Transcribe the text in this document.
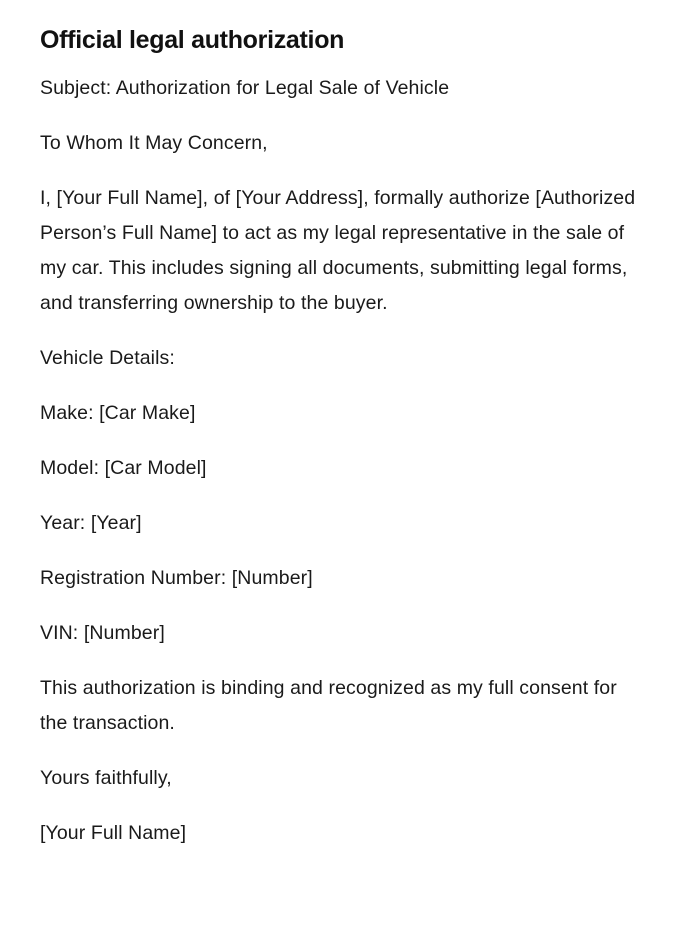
Official legal authorization

Subject: Authorization for Legal Sale of Vehicle

To Whom It May Concern,

I, [Your Full Name], of [Your Address], formally authorize [Authorized Person’s Full Name] to act as my legal representative in the sale of my car. This includes signing all documents, submitting legal forms, and transferring ownership to the buyer.

Vehicle Details:

Make: [Car Make]

Model: [Car Model]

Year: [Year]

Registration Number: [Number]

VIN: [Number]

This authorization is binding and recognized as my full consent for the transaction.

Yours faithfully,

[Your Full Name]
